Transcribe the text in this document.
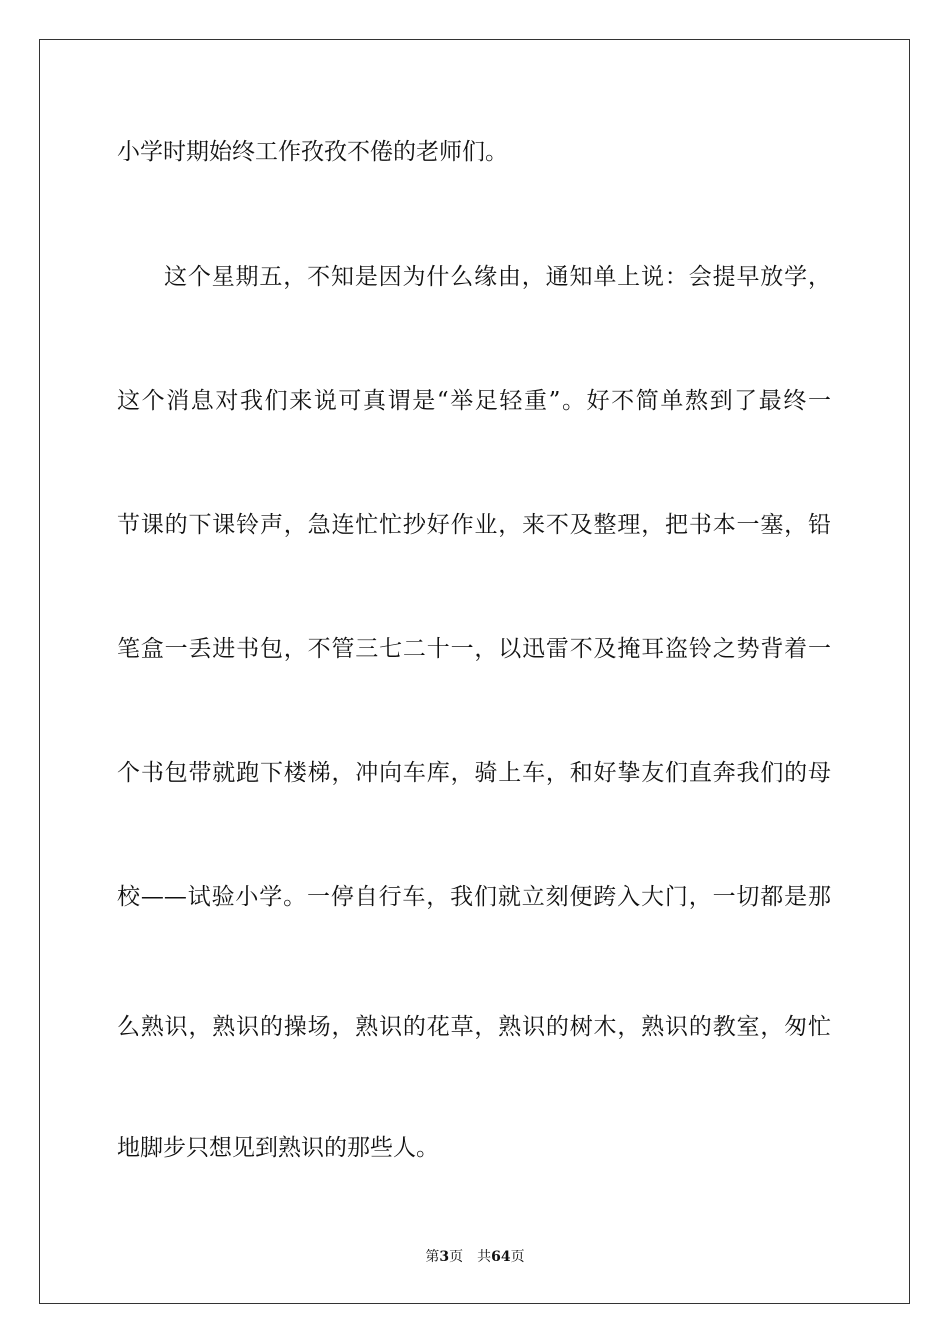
小学时期始终工作孜孜不倦的老师们。
这个星期五，不知是因为什么缘由，通知单上说：会提早放学，
这个消息对我们来说可真谓是“举足轻重”。好不简单熬到了最终一
节课的下课铃声，急连忙忙抄好作业，来不及整理，把书本一塞，铅
笔盒一丢进书包，不管三七二十一，以迅雷不及掩耳盗铃之势背着一
个书包带就跑下楼梯，冲向车库，骑上车，和好挚友们直奔我们的母
校——试验小学。一停自行车，我们就立刻便跨入大门，一切都是那
么熟识，熟识的操场，熟识的花草，熟识的树木，熟识的教室，匆忙
地脚步只想见到熟识的那些人。
第3页 共64页
